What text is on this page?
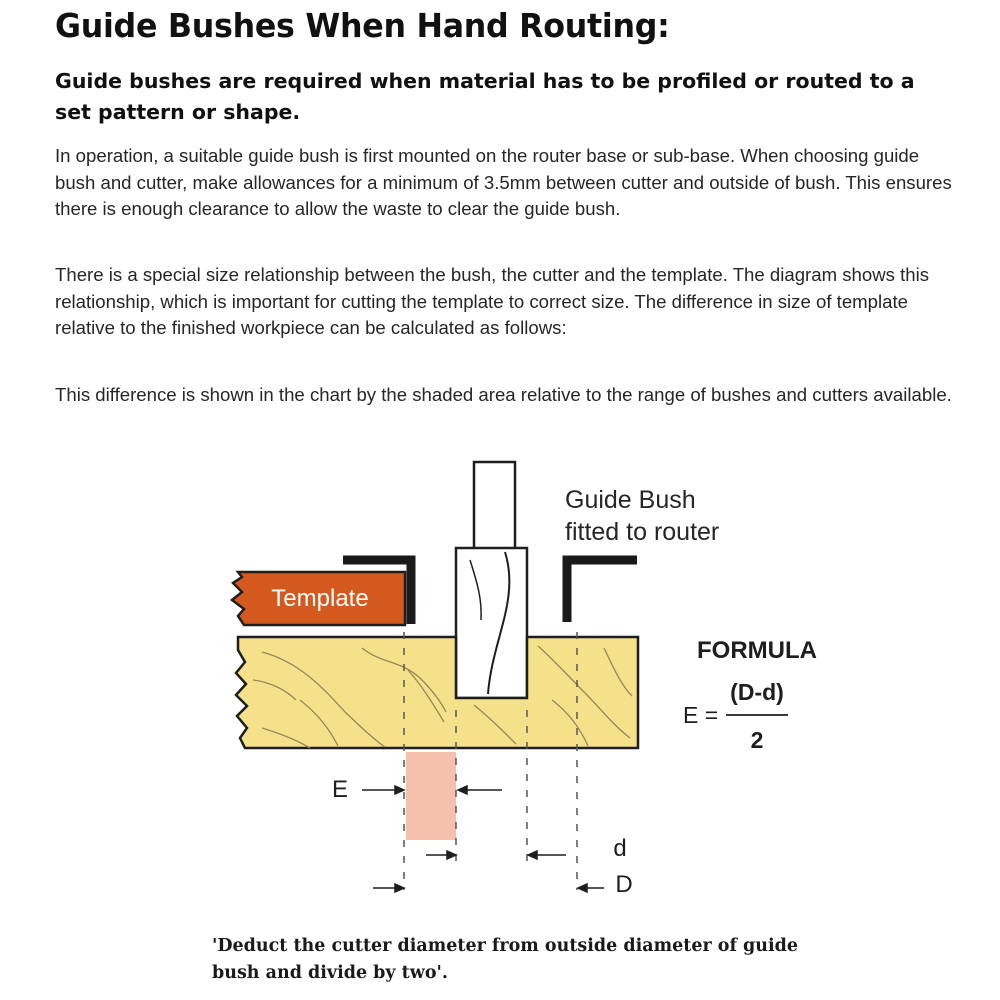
Guide Bushes When Hand Routing:

Guide bushes are required when material has to be profiled or routed to a set pattern or shape.

In operation, a suitable guide bush is first mounted on the router base or sub-base. When choosing guide bush and cutter, make allowances for a minimum of 3.5mm between cutter and outside of bush. This ensures there is enough clearance to allow the waste to clear the guide bush.

There is a special size relationship between the bush, the cutter and the template. The diagram shows this relationship, which is important for cutting the template to correct size. The difference in size of template relative to the finished workpiece can be calculated as follows:

This difference is shown in the chart by the shaded area relative to the range of bushes and cutters available.

Template
E
d
D
Guide Bush
fitted to router
FORMULA
(D-d)
2
E =

'Deduct the cutter diameter from outside diameter of guide bush and divide by two'.
